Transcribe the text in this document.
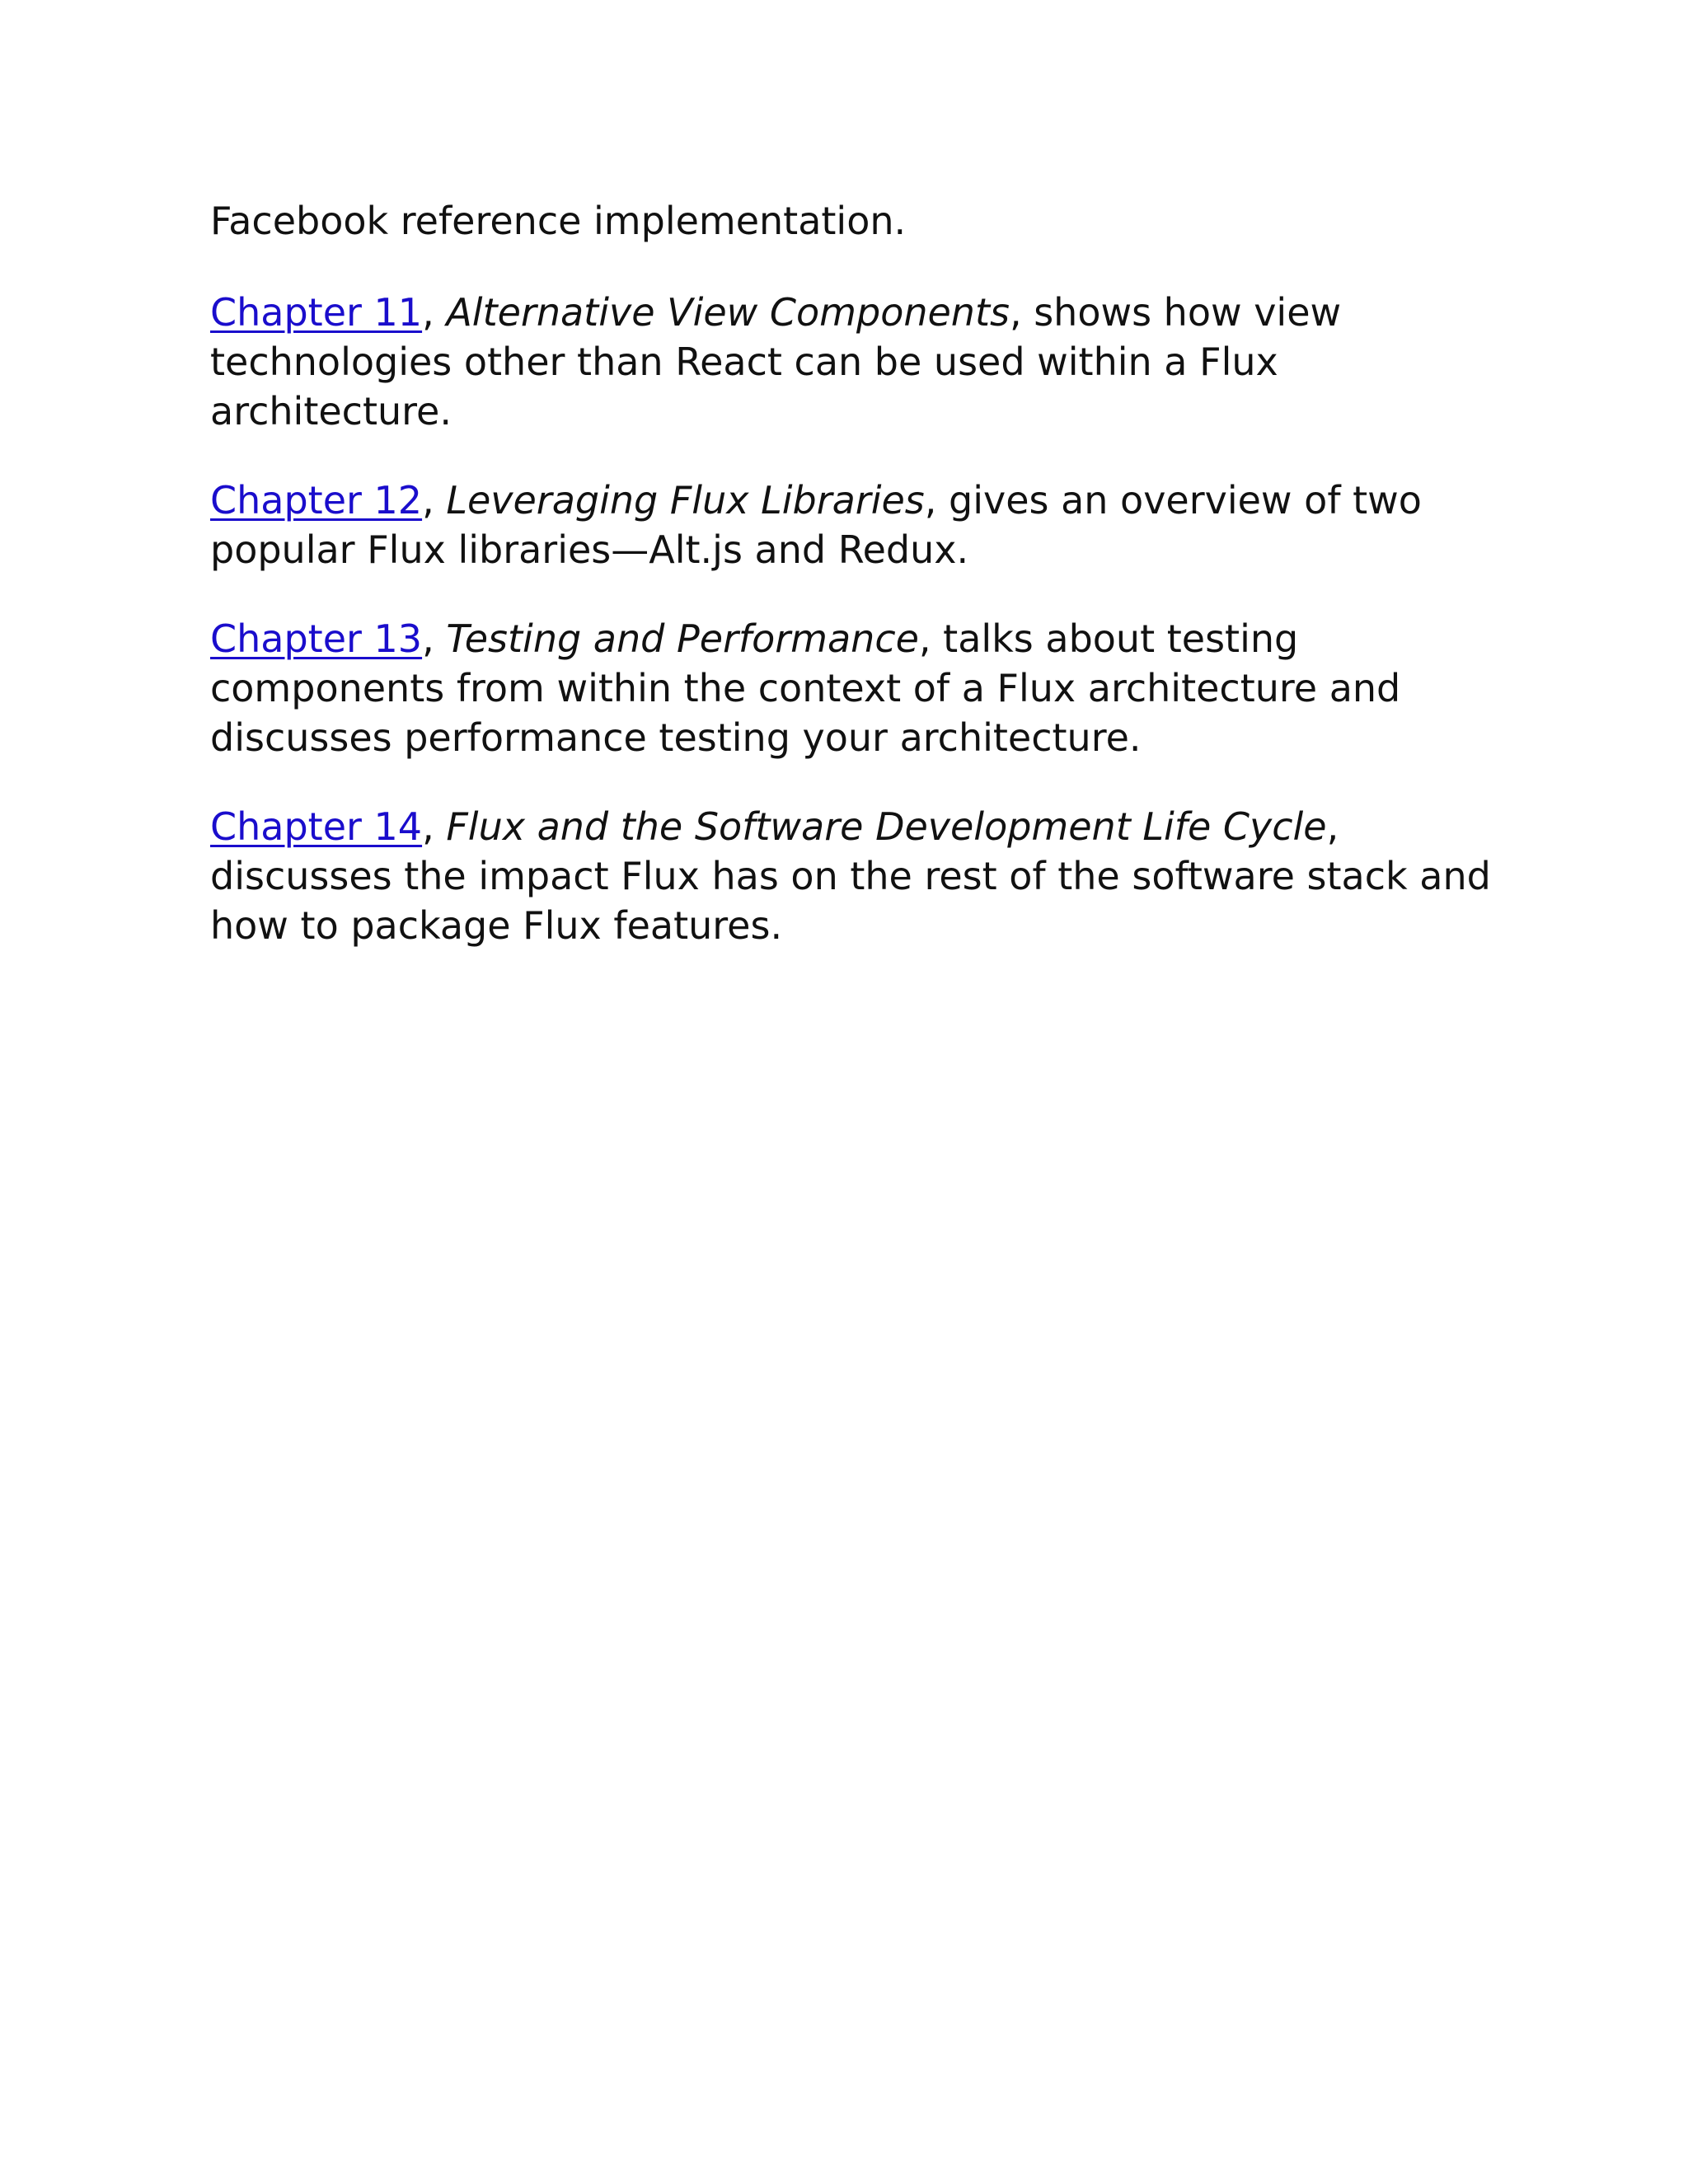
Facebook reference implementation.

Chapter 11, Alternative View Components, shows how view technologies other than React can be used within a Flux architecture.

Chapter 12, Leveraging Flux Libraries, gives an overview of two popular Flux libraries—Alt.js and Redux.

Chapter 13, Testing and Performance, talks about testing components from within the context of a Flux architecture and discusses performance testing your architecture.

Chapter 14, Flux and the Software Development Life Cycle, discusses the impact Flux has on the rest of the software stack and how to package Flux features.
